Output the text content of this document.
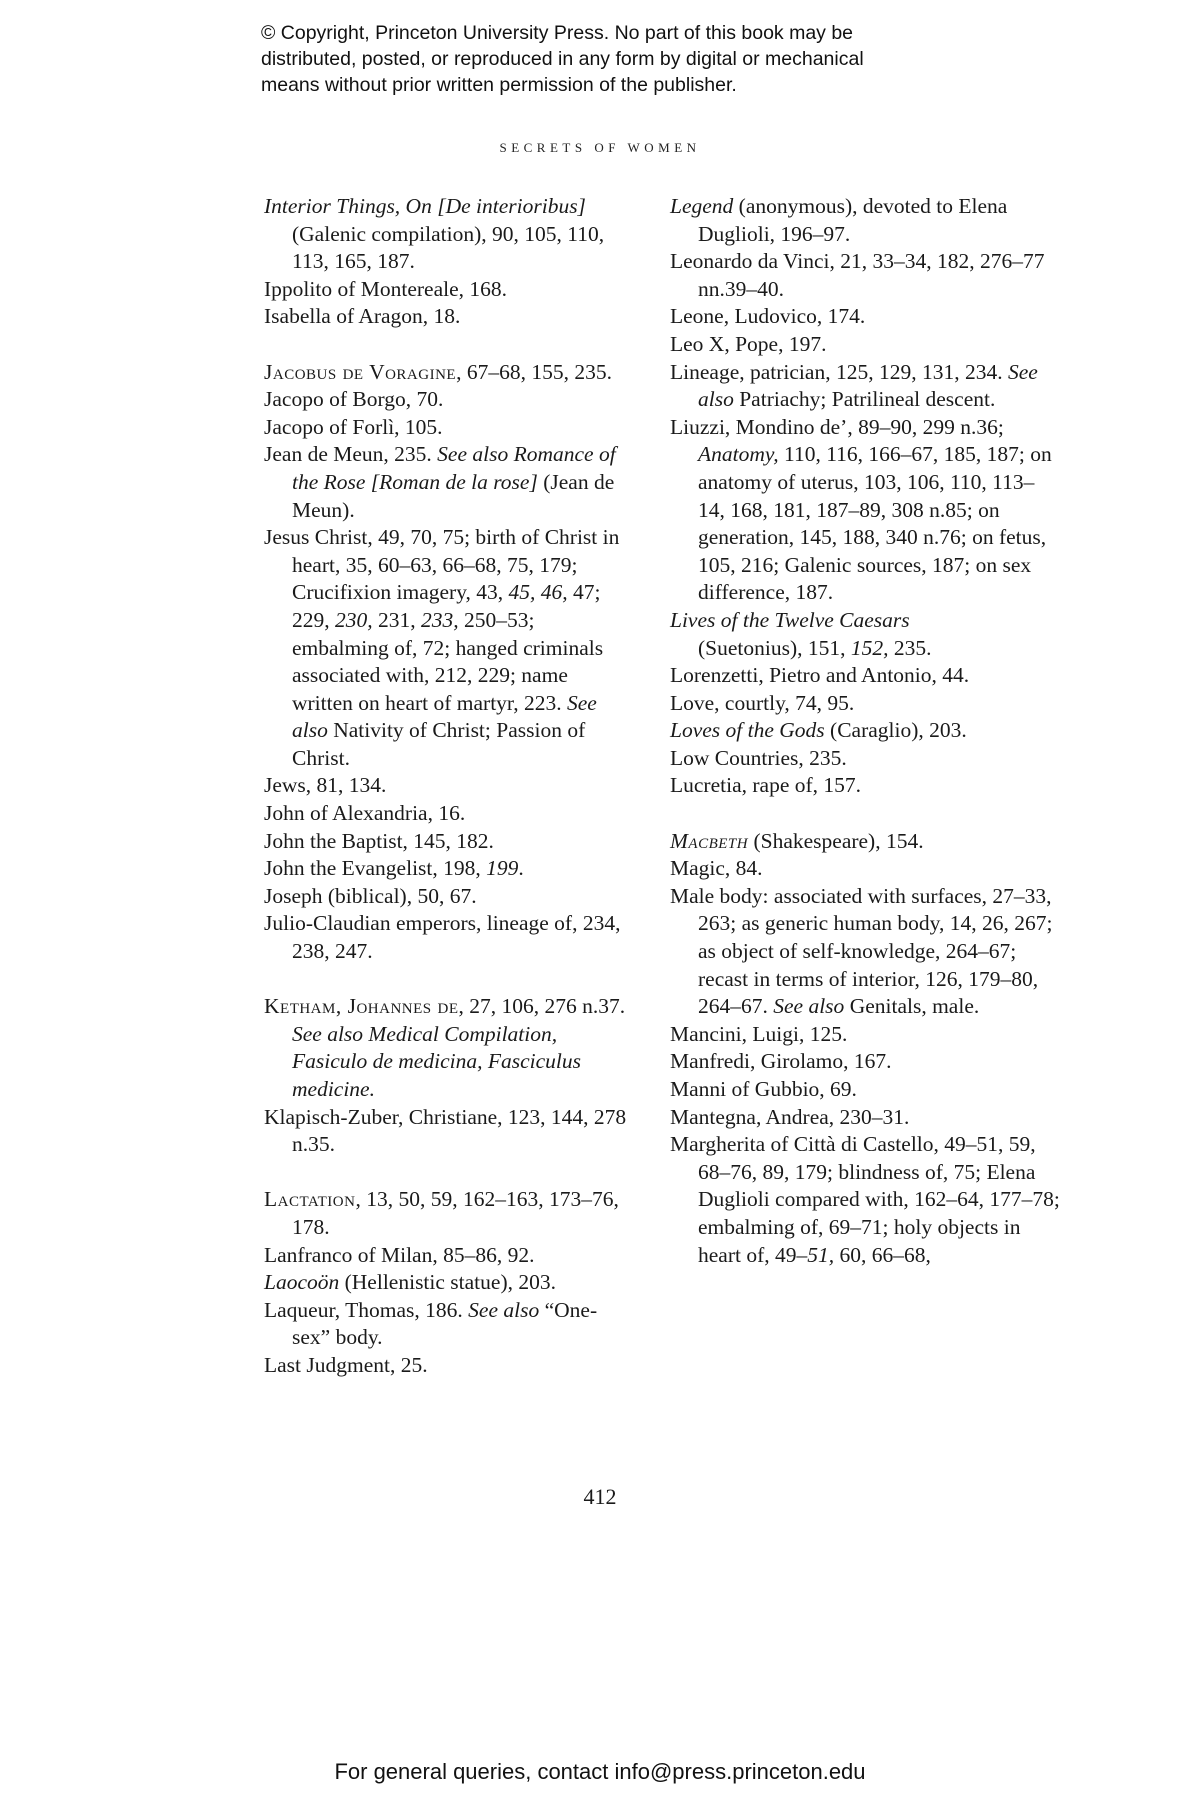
© Copyright, Princeton University Press. No part of this book may be
distributed, posted, or reproduced in any form by digital or mechanical
means without prior written permission of the publisher.
SECRETS OF WOMEN

Interior Things, On [De interioribus] (Galenic compilation), 90, 105, 110, 113, 165, 187.

Ippolito of Montereale, 168.

Isabella of Aragon, 18.

Jacobus de Voragine, 67–68, 155, 235.

Jacopo of Borgo, 70.

Jacopo of Forlì, 105.

Jean de Meun, 235. See also Romance of the Rose [Roman de la rose] (Jean de Meun).

Jesus Christ, 49, 70, 75; birth of Christ in heart, 35, 60–63, 66–68, 75, 179; Crucifixion imagery, 43, 45, 46, 47; 229, 230, 231, 233, 250–53; embalming of, 72; hanged criminals associated with, 212, 229; name written on heart of martyr, 223. See also Nativity of Christ; Passion of Christ.

Jews, 81, 134.

John of Alexandria, 16.

John the Baptist, 145, 182.

John the Evangelist, 198, 199.

Joseph (biblical), 50, 67.

Julio-Claudian emperors, lineage of, 234, 238, 247.

Ketham, Johannes de, 27, 106, 276 n.37. See also Medical Compilation, Fasiculo de medicina, Fasciculus medicine.

Klapisch-Zuber, Christiane, 123, 144, 278 n.35.

Lactation, 13, 50, 59, 162–163, 173–76, 178.

Lanfranco of Milan, 85–86, 92.

Laocoön (Hellenistic statue), 203.

Laqueur, Thomas, 186. See also “One-sex” body.

Last Judgment, 25.

Legend (anonymous), devoted to Elena Duglioli, 196–97.

Leonardo da Vinci, 21, 33–34, 182, 276–77 nn.39–40.

Leone, Ludovico, 174.

Leo X, Pope, 197.

Lineage, patrician, 125, 129, 131, 234. See also Patriachy; Patrilineal descent.

Liuzzi, Mondino de’, 89–90, 299 n.36; Anatomy, 110, 116, 166–67, 185, 187; on anatomy of uterus, 103, 106, 110, 113–14, 168, 181, 187–89, 308 n.85; on generation, 145, 188, 340 n.76; on fetus, 105, 216; Galenic sources, 187; on sex difference, 187.

Lives of the Twelve Caesars
(Suetonius), 151, 152, 235.

Lorenzetti, Pietro and Antonio, 44.

Love, courtly, 74, 95.

Loves of the Gods (Caraglio), 203.

Low Countries, 235.

Lucretia, rape of, 157.

Macbeth (Shakespeare), 154.

Magic, 84.

Male body: associated with surfaces, 27–33, 263; as generic human body, 14, 26, 267; as object of self-knowledge, 264–67; recast in terms of interior, 126, 179–80, 264–67. See also Genitals, male.

Mancini, Luigi, 125.

Manfredi, Girolamo, 167.

Manni of Gubbio, 69.

Mantegna, Andrea, 230–31.

Margherita of Città di Castello, 49–51, 59, 68–76, 89, 179; blindness of, 75; Elena Duglioli compared with, 162–64, 177–78; embalming of, 69–71; holy objects in heart of, 49–51, 60, 66–68,

412
For general queries, contact info@press.princeton.edu
